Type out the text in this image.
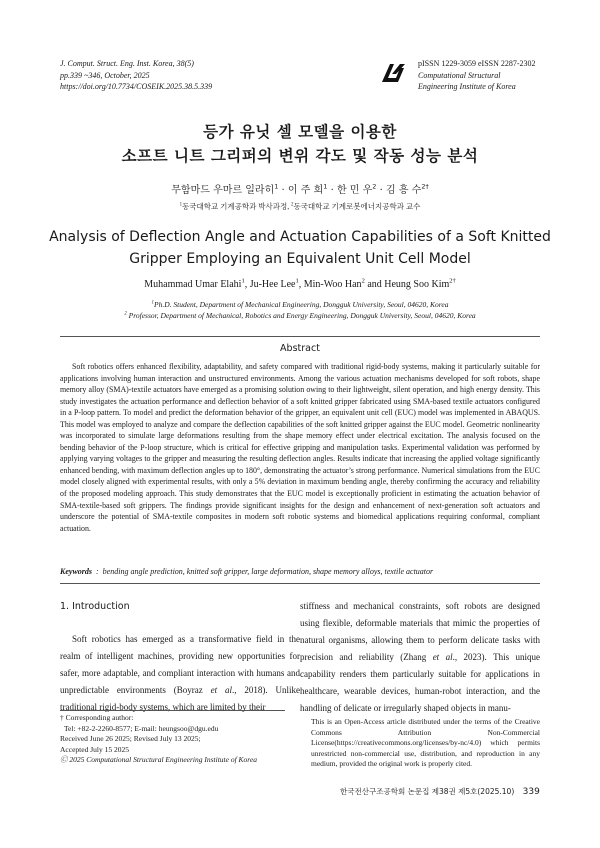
J. Comput. Struct. Eng. Inst. Korea, 38(5)
pp.339 ~346, October, 2025
https://doi.org/10.7734/COSEIK.2025.38.5.339
pISSN 1229-3059 eISSN 2287-2302
Computational Structural
Engineering Institute of Korea
등가 유닛 셀 모델을 이용한
소프트 니트 그리퍼의 변위 각도 및 작동 성능 분석
무함마드 우마르 일라히$^1$ · 이 주 희$^1$ · 한 민 우$^2$ · 김 흥 수$^{2\dagger}$
$^1$동국대학교 기계공학과 박사과정, $^2$동국대학교 기계로봇에너지공학과 교수
Analysis of Deflection Angle and Actuation Capabilities of a Soft Knitted
Gripper Employing an Equivalent Unit Cell Model
Muhammad Umar Elahi$^1$, Ju-Hee Lee$^1$, Min-Woo Han$^2$ and Heung Soo Kim$^{2\dagger}$
$^1$Ph.D. Student, Department of Mechanical Engineering, Dongguk University, Seoul, 04620, Korea
$^2$ Professor, Department of Mechanical, Robotics and Energy Engineering, Dongguk University, Seoul, 04620, Korea
Abstract

Soft robotics offers enhanced flexibility, adaptability, and safety compared with traditional rigid-body systems, making it particularly suitable for applications involving human interaction and unstructured environments. Among the various actuation mechanisms developed for soft robots, shape memory alloy (SMA)-textile actuators have emerged as a promising solution owing to their lightweight, silent operation, and high energy density. This study investigates the actuation performance and deflection behavior of a soft knitted gripper fabricated using SMA-based textile actuators configured in a P-loop pattern. To model and predict the deformation behavior of the gripper, an equivalent unit cell (EUC) model was implemented in ABAQUS. This model was employed to analyze and compare the deflection capabilities of the soft knitted gripper against the EUC model. Geometric nonlinearity was incorporated to simulate large deformations resulting from the shape memory effect under electrical excitation. The analysis focused on the bending behavior of the P-loop structure, which is critical for effective gripping and manipulation tasks. Experimental validation was performed by applying varying voltages to the gripper and measuring the resulting deflection angles. Results indicate that increasing the applied voltage significantly enhanced bending, with maximum deflection angles up to 180°, demonstrating the actuator’s strong performance. Numerical simulations from the EUC model closely aligned with experimental results, with only a 5% deviation in maximum bending angle, thereby confirming the accuracy and reliability of the proposed modeling approach. This study demonstrates that the EUC model is exceptionally proficient in estimating the actuation behavior of SMA-textile-based soft grippers. The findings provide significant insights for the design and enhancement of next-generation soft actuators and underscore the potential of SMA-textile composites in modern soft robotic systems and biomedical applications requiring conformal, compliant actuation.

Keywords  :  bending angle prediction, knitted soft gripper, large deformation, shape memory alloys, textile actuator
1. Introduction

Soft robotics has emerged as a transformative field in the realm of intelligent machines, providing new opportunities for safer, more adaptable, and compliant interaction with humans and unpredictable environments (Boyraz et al., 2018). Unlike traditional rigid-body systems, which are limited by their

stiffness and mechanical constraints, soft robots are designed using flexible, deformable materials that mimic the properties of natural organisms, allowing them to perform delicate tasks with precision and reliability (Zhang et al., 2023). This unique capability renders them particularly suitable for applications in healthcare, wearable devices, human-robot interaction, and the handling of delicate or irregularly shaped objects in manu-

† Corresponding author:
Tel: +82-2-2260-8577; E-mail: heungsoo@dgu.edu
Received June 26 2025; Revised July 13 2025;
Accepted July 15 2025
Ⓒ 2025 Computational Structural Engineering Institute of Korea
This is an Open-Access article distributed under the terms of the Creative Commons Attribution Non-Commercial License(https://creativecommons.org/licenses/by-nc/4.0) which permits unrestricted non-commercial use, distribution, and reproduction in any medium, provided the original work is properly cited.
한국전산구조공학회 논문집 제38권 제5호(2025.10) 339
